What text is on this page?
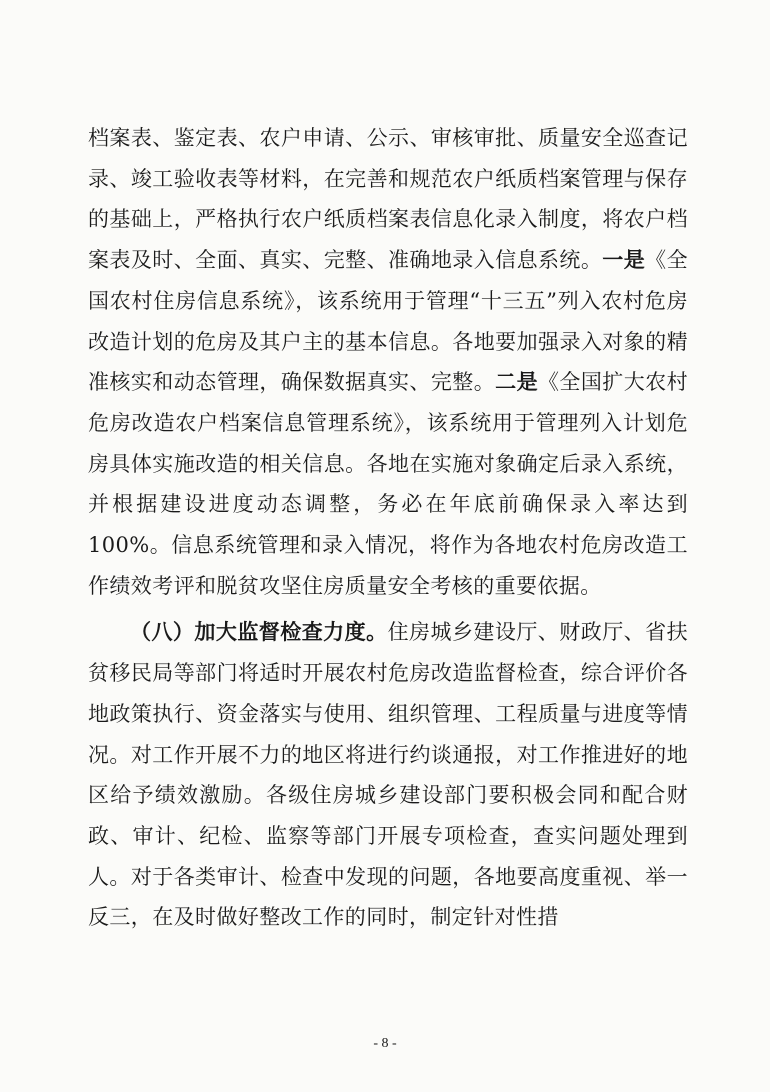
档案表、鉴定表、农户申请、公示、审核审批、质量安全巡查记录、竣工验收表等材料，在完善和规范农户纸质档案管理与保存的基础上，严格执行农户纸质档案表信息化录入制度，将农户档案表及时、全面、真实、完整、准确地录入信息系统。一是《全国农村住房信息系统》，该系统用于管理“十三五”列入农村危房改造计划的危房及其户主的基本信息。各地要加强录入对象的精准核实和动态管理，确保数据真实、完整。二是《全国扩大农村危房改造农户档案信息管理系统》，该系统用于管理列入计划危房具体实施改造的相关信息。各地在实施对象确定后录入系统，并根据建设进度动态调整，务必在年底前确保录入率达到 100%。信息系统管理和录入情况，将作为各地农村危房改造工作绩效考评和脱贫攻坚住房质量安全考核的重要依据。

（八）加大监督检查力度。住房城乡建设厅、财政厅、省扶贫移民局等部门将适时开展农村危房改造监督检查，综合评价各地政策执行、资金落实与使用、组织管理、工程质量与进度等情况。对工作开展不力的地区将进行约谈通报，对工作推进好的地区给予绩效激励。各级住房城乡建设部门要积极会同和配合财政、审计、纪检、监察等部门开展专项检查，查实问题处理到人。对于各类审计、检查中发现的问题，各地要高度重视、举一反三，在及时做好整改工作的同时，制定针对性措

- 8 -
